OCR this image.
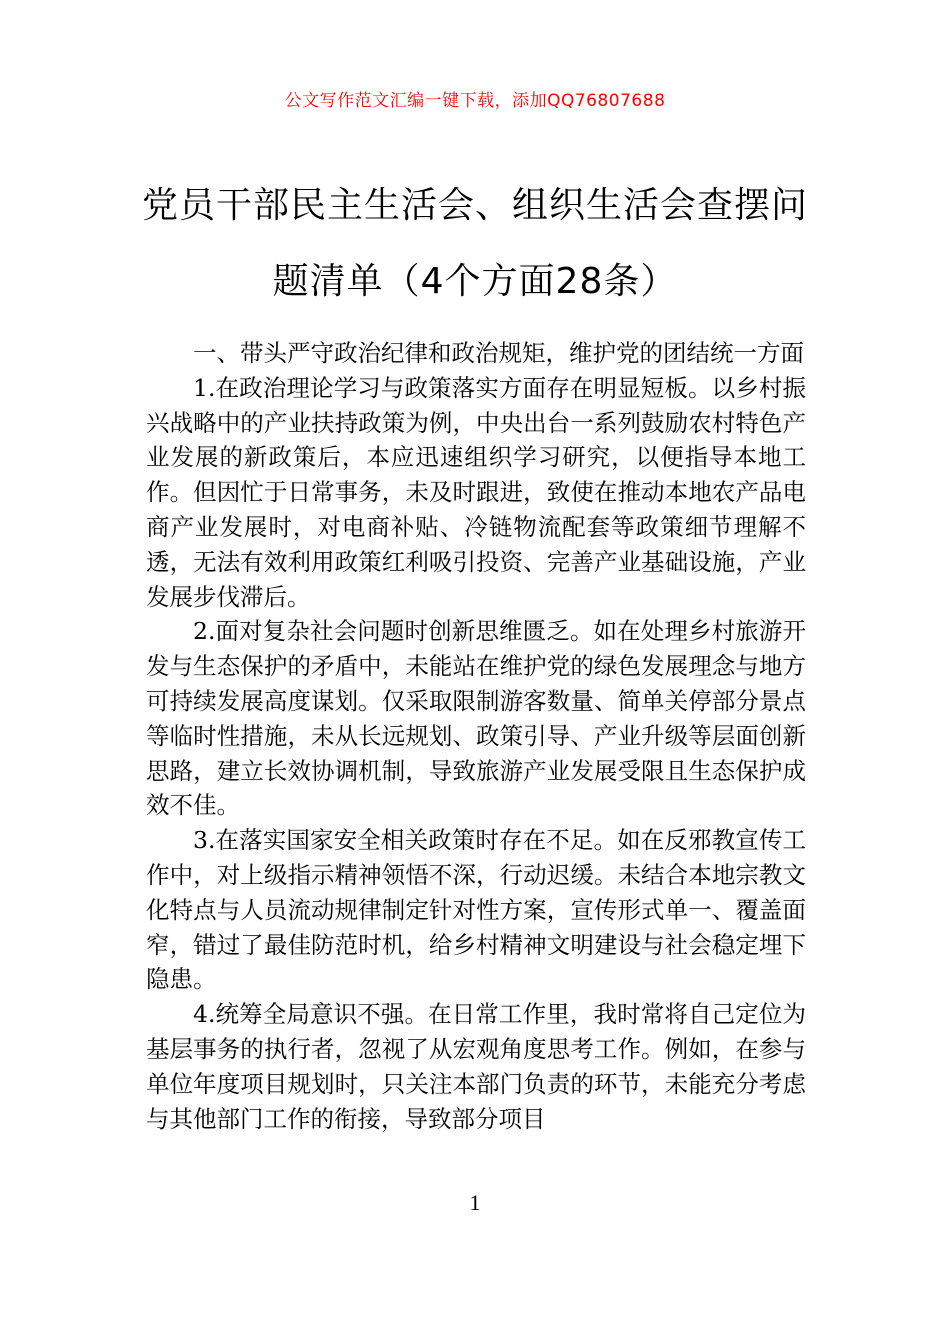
公文写作范文汇编一键下载，添加QQ76807688
党员干部民主生活会、组织生活会查摆问
题清单（4个方面28条）

一、带头严守政治纪律和政治规矩，维护党的团结统一方面

1.在政治理论学习与政策落实方面存在明显短板。以乡村振兴战略中的产业扶持政策为例，中央出台一系列鼓励农村特色产业发展的新政策后，本应迅速组织学习研究，以便指导本地工作。但因忙于日常事务，未及时跟进，致使在推动本地农产品电商产业发展时，对电商补贴、冷链物流配套等政策细节理解不透，无法有效利用政策红利吸引投资、完善产业基础设施，产业发展步伐滞后。

2.面对复杂社会问题时创新思维匮乏。如在处理乡村旅游开发与生态保护的矛盾中，未能站在维护党的绿色发展理念与地方可持续发展高度谋划。仅采取限制游客数量、简单关停部分景点等临时性措施，未从长远规划、政策引导、产业升级等层面创新思路，建立长效协调机制，导致旅游产业发展受限且生态保护成效不佳。

3.在落实国家安全相关政策时存在不足。如在反邪教宣传工作中，对上级指示精神领悟不深，行动迟缓。未结合本地宗教文化特点与人员流动规律制定针对性方案，宣传形式单一、覆盖面窄，错过了最佳防范时机，给乡村精神文明建设与社会稳定埋下隐患。

4.统筹全局意识不强。在日常工作里，我时常将自己定位为基层事务的执行者，忽视了从宏观角度思考工作。例如，在参与单位年度项目规划时，只关注本部门负责的环节，未能充分考虑与其他部门工作的衔接，导致部分项目

1
